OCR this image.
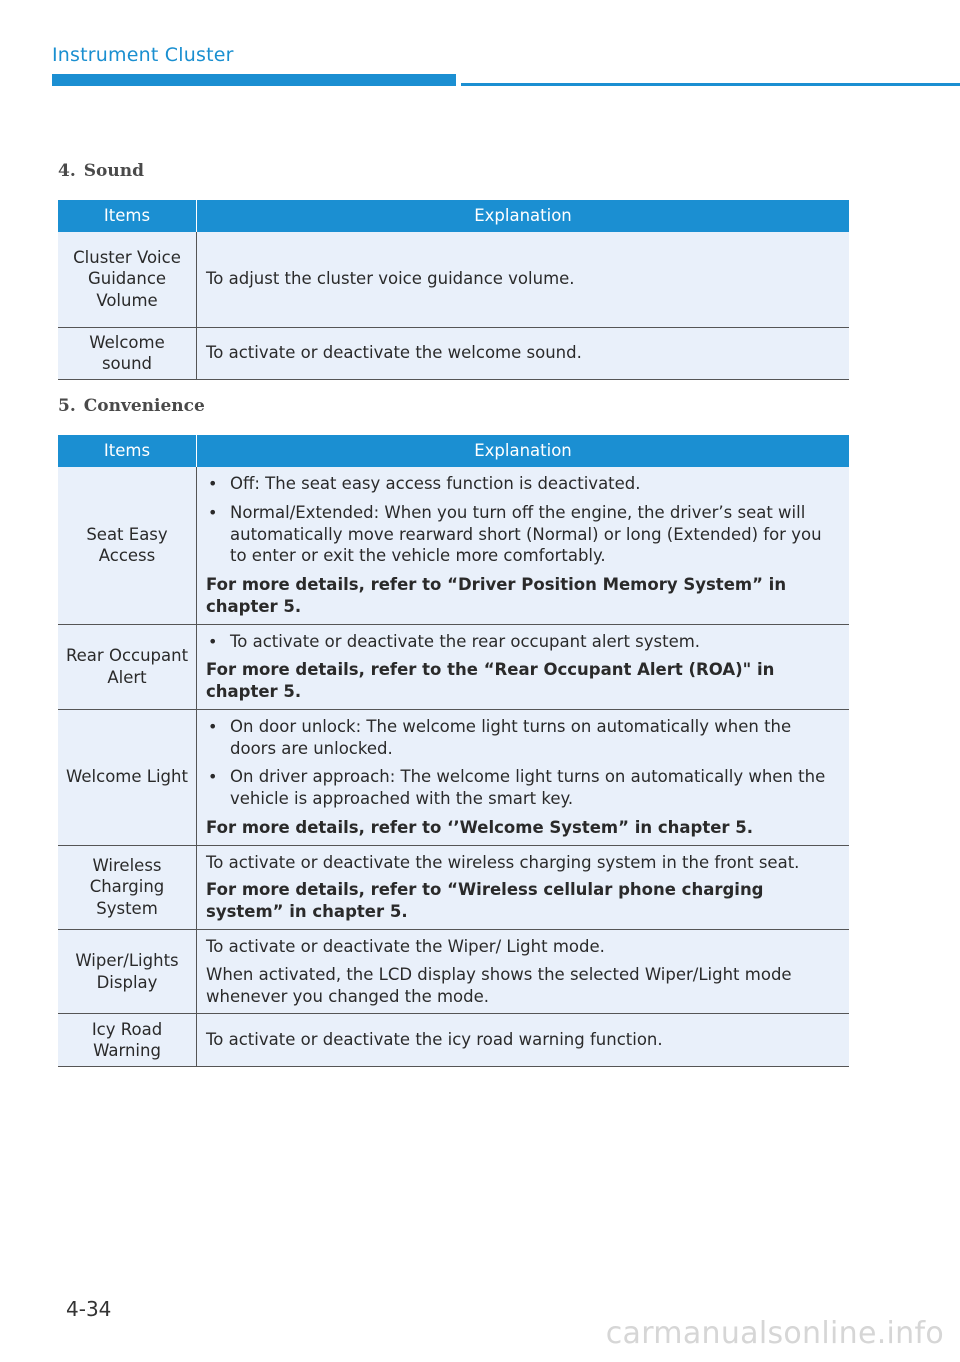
Instrument Cluster
4. Sound
Items	Explanation
Cluster Voice Guidance Volume	To adjust the cluster voice guidance volume.
Welcome sound	To activate or deactivate the welcome sound.
5. Convenience
Items	Explanation
Seat Easy Access	• Off: The seat easy access function is deactivated.
• Normal/Extended: When you turn off the engine, the driver’s seat will automatically move rearward short (Normal) or long (Extended) for you to enter or exit the vehicle more comfortably.

For more details, refer to “Driver Position Memory System” in chapter 5.

Rear Occupant Alert	• To activate or deactivate the rear occupant alert system.

For more details, refer to the “Rear Occupant Alert (ROA)" in chapter 5.

Welcome Light	• On door unlock: The welcome light turns on automatically when the doors are unlocked.
• On driver approach: The welcome light turns on automatically when the vehicle is approached with the smart key.

For more details, refer to ‘’Welcome System” in chapter 5.

Wireless Charging System	To activate or deactivate the wireless charging system in the front seat.

For more details, refer to “Wireless cellular phone charging system” in chapter 5.

Wiper/Lights Display	To activate or deactivate the Wiper/ Light mode.

When activated, the LCD display shows the selected Wiper/Light mode whenever you changed the mode.

Icy Road Warning	To activate or deactivate the icy road warning function.

4-34
carmanualsonline.info
